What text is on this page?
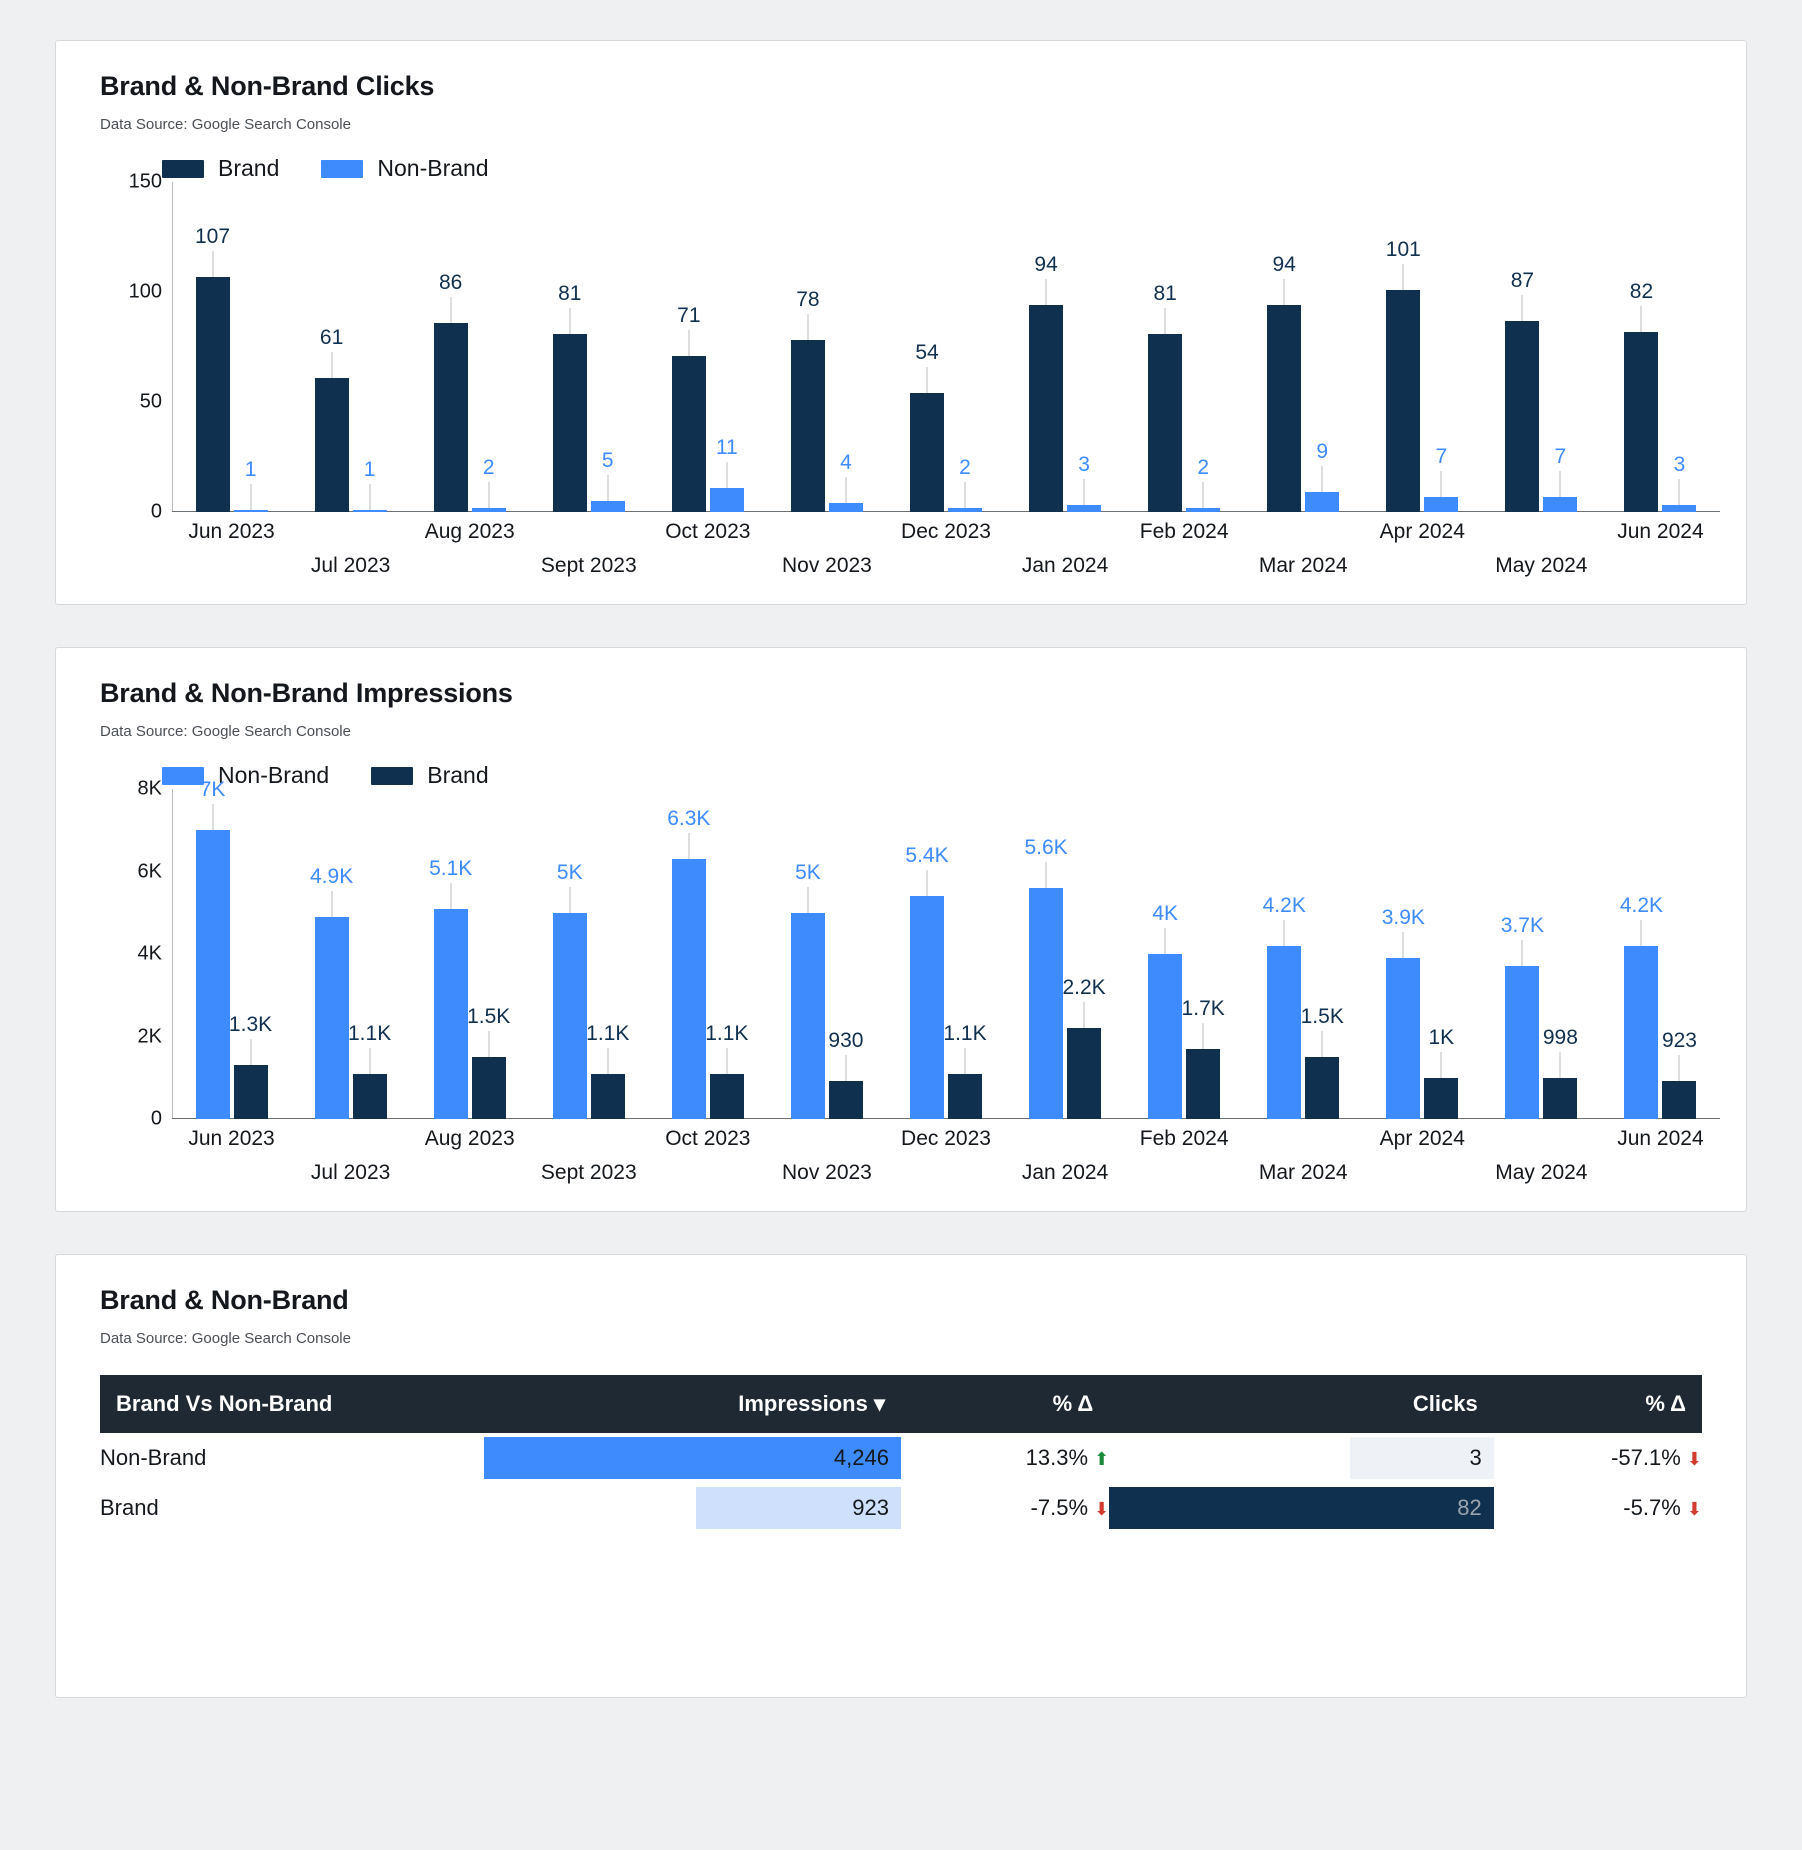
Brand & Non-Brand Clicks
Data Source: Google Search Console
Brand	Non-Brand
0
50
100
150
107
1
61
1
86
2
81
5
71
11
78
4
54
2
94
3
81
2
94
9
101
7
87
7
82
3
Jun 2023
Jul 2023
Aug 2023
Sept 2023
Oct 2023
Nov 2023
Dec 2023
Jan 2024
Feb 2024
Mar 2024
Apr 2024
May 2024
Jun 2024
Brand & Non-Brand Impressions
Data Source: Google Search Console
Non-Brand	Brand
0
2K
4K
6K
8K 7K
1.3K
4.9K
1.1K
5.1K
1.5K
5K
1.1K
6.3K
1.1K
5K
930
5.4K
1.1K
5.6K
2.2K
4K
1.7K
4.2K
1.5K
3.9K
1K
3.7K
998
4.2K
923
Jun 2023
Jul 2023
Aug 2023
Sept 2023
Oct 2023
Nov 2023
Dec 2023
Jan 2024
Feb 2024
Mar 2024
Apr 2024
May 2024
Jun 2024
Brand & Non-Brand
Data Source: Google Search Console
Brand Vs Non-Brand	Impressions ▾	% Δ	Clicks	% Δ
Non-Brand	4,246	13.3% ⬆	3	-57.1% ⬇
Brand	923	-7.5% ⬇	82	-5.7% ⬇
